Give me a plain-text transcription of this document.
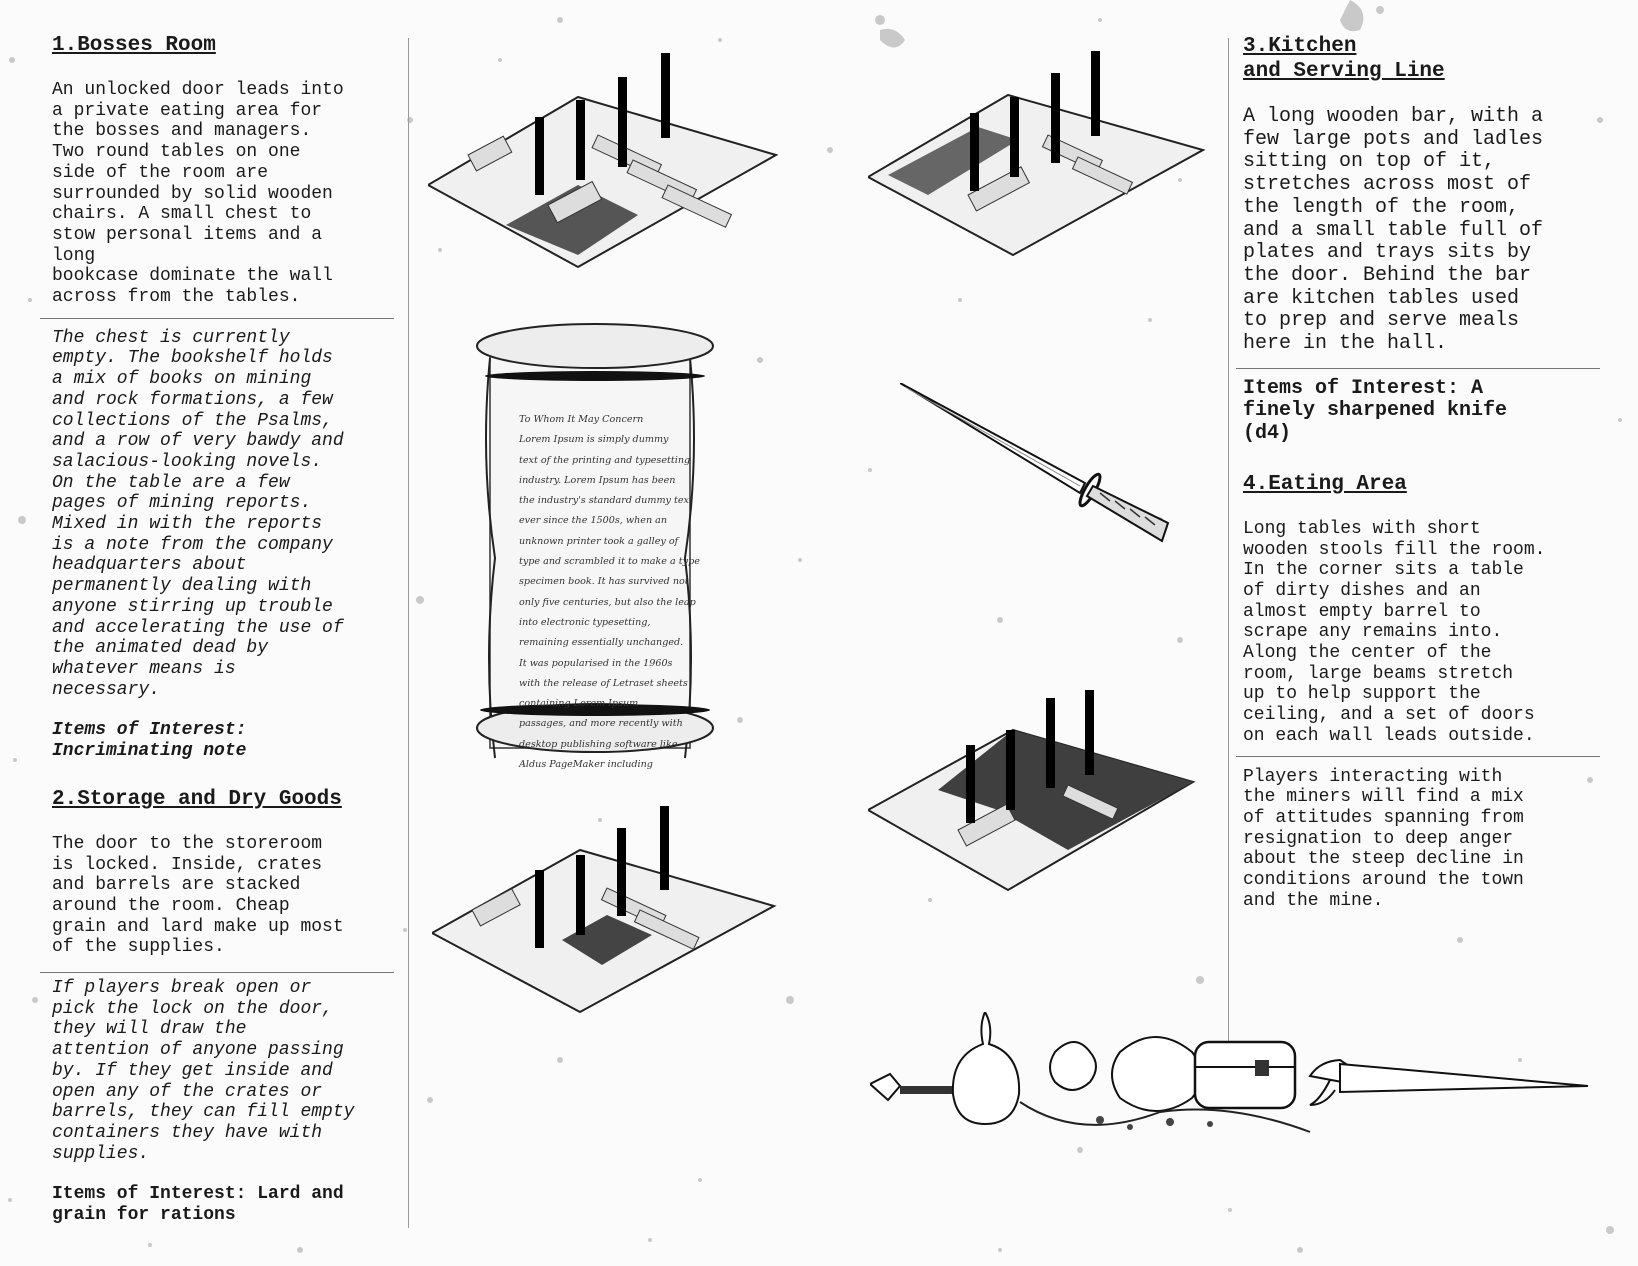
1.Bosses Room

An unlocked door leads into
a private eating area for
the bosses and managers.
Two round tables on one
side of the room are
surrounded by solid wooden
chairs. A small chest to
stow personal items and a
long
bookcase dominate the wall
across from the tables.

The chest is currently
empty. The bookshelf holds
a mix of books on mining
and rock formations, a few
collections of the Psalms,
and a row of very bawdy and
salacious-looking novels.
On the table are a few
pages of mining reports.
Mixed in with the reports
is a note from the company
headquarters about
permanently dealing with
anyone stirring up trouble
and accelerating the use of
the animated dead by
whatever means is
necessary.

Items of Interest:
Incriminating note

2.Storage and Dry Goods

The door to the storeroom
is locked. Inside, crates
and barrels are stacked
around the room. Cheap
grain and lard make up most
of the supplies.

If players break open or
pick the lock on the door,
they will draw the
attention of anyone passing
by. If they get inside and
open any of the crates or
barrels, they can fill empty
containers they have with
supplies.

Items of Interest: Lard and
grain for rations

3.Kitchen
and Serving Line

A long wooden bar, with a
few large pots and ladles
sitting on top of it,
stretches across most of
the length of the room,
and a small table full of
plates and trays sits by
the door. Behind the bar
are kitchen tables used
to prep and serve meals
here in the hall.

Items of Interest: A
finely sharpened knife
(d4)

4.Eating Area

Long tables with short
wooden stools fill the room.
In the corner sits a table
of dirty dishes and an
almost empty barrel to
scrape any remains into.
Along the center of the
room, large beams stretch
up to help support the
ceiling, and a set of doors
on each wall leads outside.

Players interacting with
the miners will find a mix
of attitudes spanning from
resignation to deep anger
about the steep decline in
conditions around the town
and the mine.

To Whom It May Concern
Lorem Ipsum is simply dummy
text of the printing and typesetting
industry. Lorem Ipsum has been
the industry's standard dummy text
ever since the 1500s, when an
unknown printer took a galley of
type and scrambled it to make a type
specimen book. It has survived not
only five centuries, but also the leap
into electronic typesetting,
remaining essentially unchanged.
It was popularised in the 1960s
with the release of Letraset sheets
containing Lorem Ipsum
passages, and more recently with
desktop publishing software like
Aldus PageMaker including
